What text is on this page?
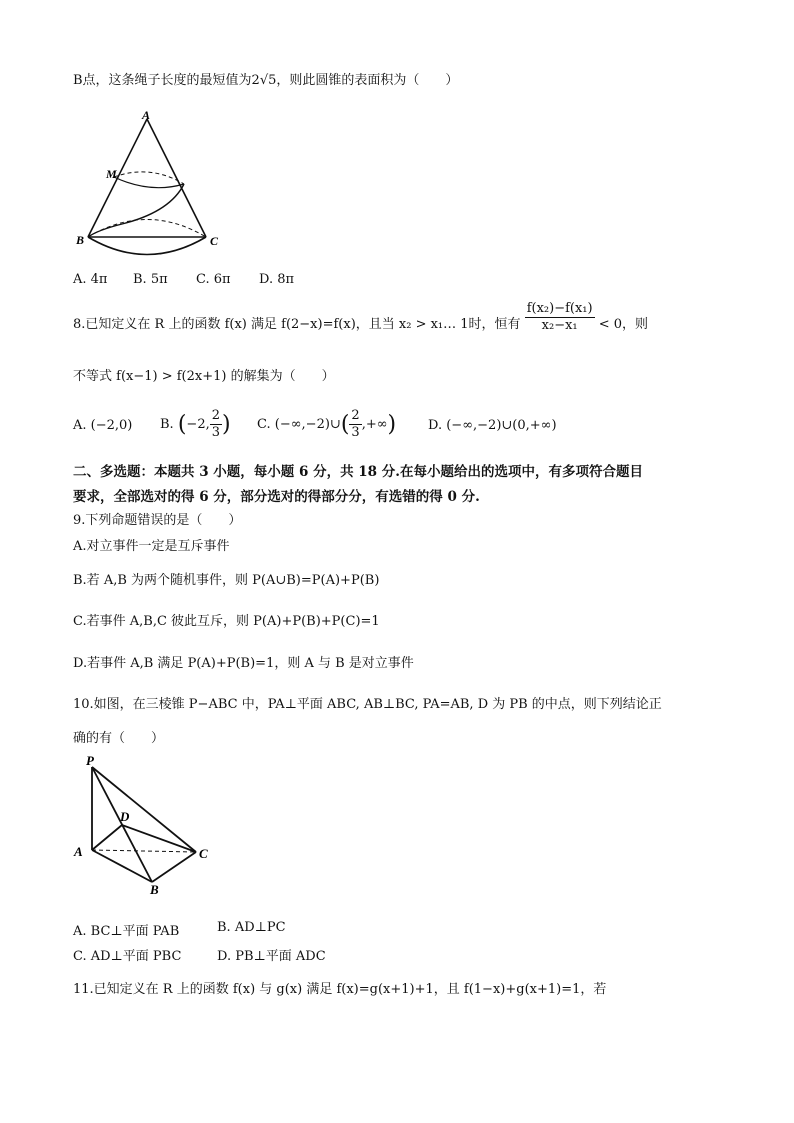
B点，这条绳子长度的最短值为2√5，则此圆锥的表面积为（　　）
A
M
B	C
A. 4π B. 5π C. 6π D. 8π
8.已知定义在 R 上的函数 f(x) 满足 f(2−x)=f(x)，且当 x₂ > x₁… 1时，恒有 $\frac{\text{f(x₂)−f(x₁)}}{\text{x₂−x₁}} < 0$，则
不等式 f(x−1) > f(2x+1) 的解集为（　　）
A. (−2,0) B. (−2, $\frac{2}{3}$ ) C. (−∞,−2)∪( $\frac{2}{3}$ ,+∞) D. (−∞,−2)∪(0,+∞)
二、多选题：本题共 3 小题，每小题 6 分，共 18 分.在每小题给出的选项中，有多项符合题目
要求，全部选对的得 6 分，部分选对的得部分分，有选错的得 0 分.
9.下列命题错误的是（　　）
A.对立事件一定是互斥事件
B.若 A,B 为两个随机事件，则 P(A∪B)=P(A)+P(B)
C.若事件 A,B,C 彼此互斥，则 P(A)+P(B)+P(C)=1
D.若事件 A,B 满足 P(A)+P(B)=1，则 A 与 B 是对立事件
10.如图，在三棱锥 P−ABC 中，PA⊥平面 ABC, AB⊥BC, PA=AB, D 为 PB 的中点，则下列结论正
确的有（　　）
P
D
A	C
B
A. BC⊥平面 PAB	B. AD⊥PC
C. AD⊥平面 PBC	D. PB⊥平面 ADC
11.已知定义在 R 上的函数 f(x) 与 g(x) 满足 f(x)=g(x+1)+1，且 f(1−x)+g(x+1)=1，若
